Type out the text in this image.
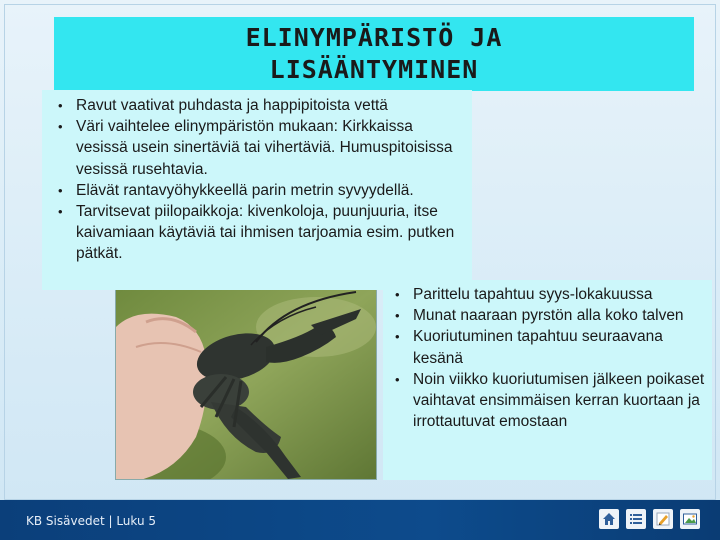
ELINYMPÄRISTÖ JA LISÄÄNTYMINEN
• Ravut vaativat puhdasta ja happipitoista vettä
• Väri vaihtelee elinympäristön mukaan: Kirkkaissa vesissä usein sinertäviä tai vihertäviä. Humuspitoisissa vesissä rusehtavia.
• Elävät rantavyöhykkeellä parin metrin syvyydellä.
• Tarvitsevat piilopaikkoja: kivenkoloja, puunjuuria, itse kaivamiaan käytäviä tai ihmisen tarjoamia esim. putken pätkät.
• Parittelu tapahtuu syys-lokakuussa
• Munat naaraan pyrstön alla koko talven
• Kuoriutuminen tapahtuu seuraavana kesänä
• Noin viikko kuoriutumisen jälkeen poikaset vaihtavat ensimmäisen kerran kuortaan ja irrottautuvat emostaan
KB Sisävedet | Luku 5
